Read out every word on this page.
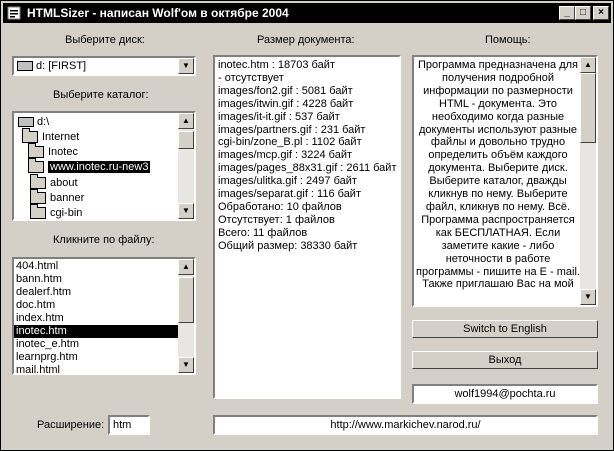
HTMLSizer - написан Wolf'ом в октябре 2004	_	□	×
Выберите диск:
d: [FIRST]	▼
Выберите каталог:
d:\
Internet
Inotec
www.inotec.ru-new3
about
banner
cgi-bin
▲
▼
Кликните по файлу:
404.html
bann.htm
dealerf.htm
doc.htm
index.htm
inotec.htm
inotec_e.htm
learnprg.htm
mail.html
▲
▼
Расширение: htm
Размер документа:
inotec.htm : 18703 байт
- отсутствует
images/fon2.gif : 5081 байт
images/itwin.gif : 4228 байт
images/it-it.gif : 537 байт
images/partners.gif : 231 байт
cgi-bin/zone_B.pl : 1102 байт
images/mcp.gif : 3224 байт
images/pages_88x31.gif : 2611 байт
images/ulitka.gif : 2497 байт
images/separat.gif : 116 байт
Обработано: 10 файлов
Отсутствует: 1 файлов
Всего: 11 файлов
Общий размер: 38330 байт
Помощь:
Программа предназначена для
получения подробной
информации по размерности
HTML - документа. Это
необходимо когда разные
документы используют разные
файлы и довольно трудно
определить объём каждого
документа. Выберите диск.
Выберите каталог, дважды
кликнув по нему. Выберите
файл, кликнув по нему. Всё.
Программа распространяется
как БЕСПЛАТНАЯ. Если
заметите какие - либо
неточности в работе
программы - пишите на E - mail.
Также приглашаю Вас на мой
▲
▼
Switch to English
Выход
wolf1994@pochta.ru
http://www.markichev.narod.ru/
